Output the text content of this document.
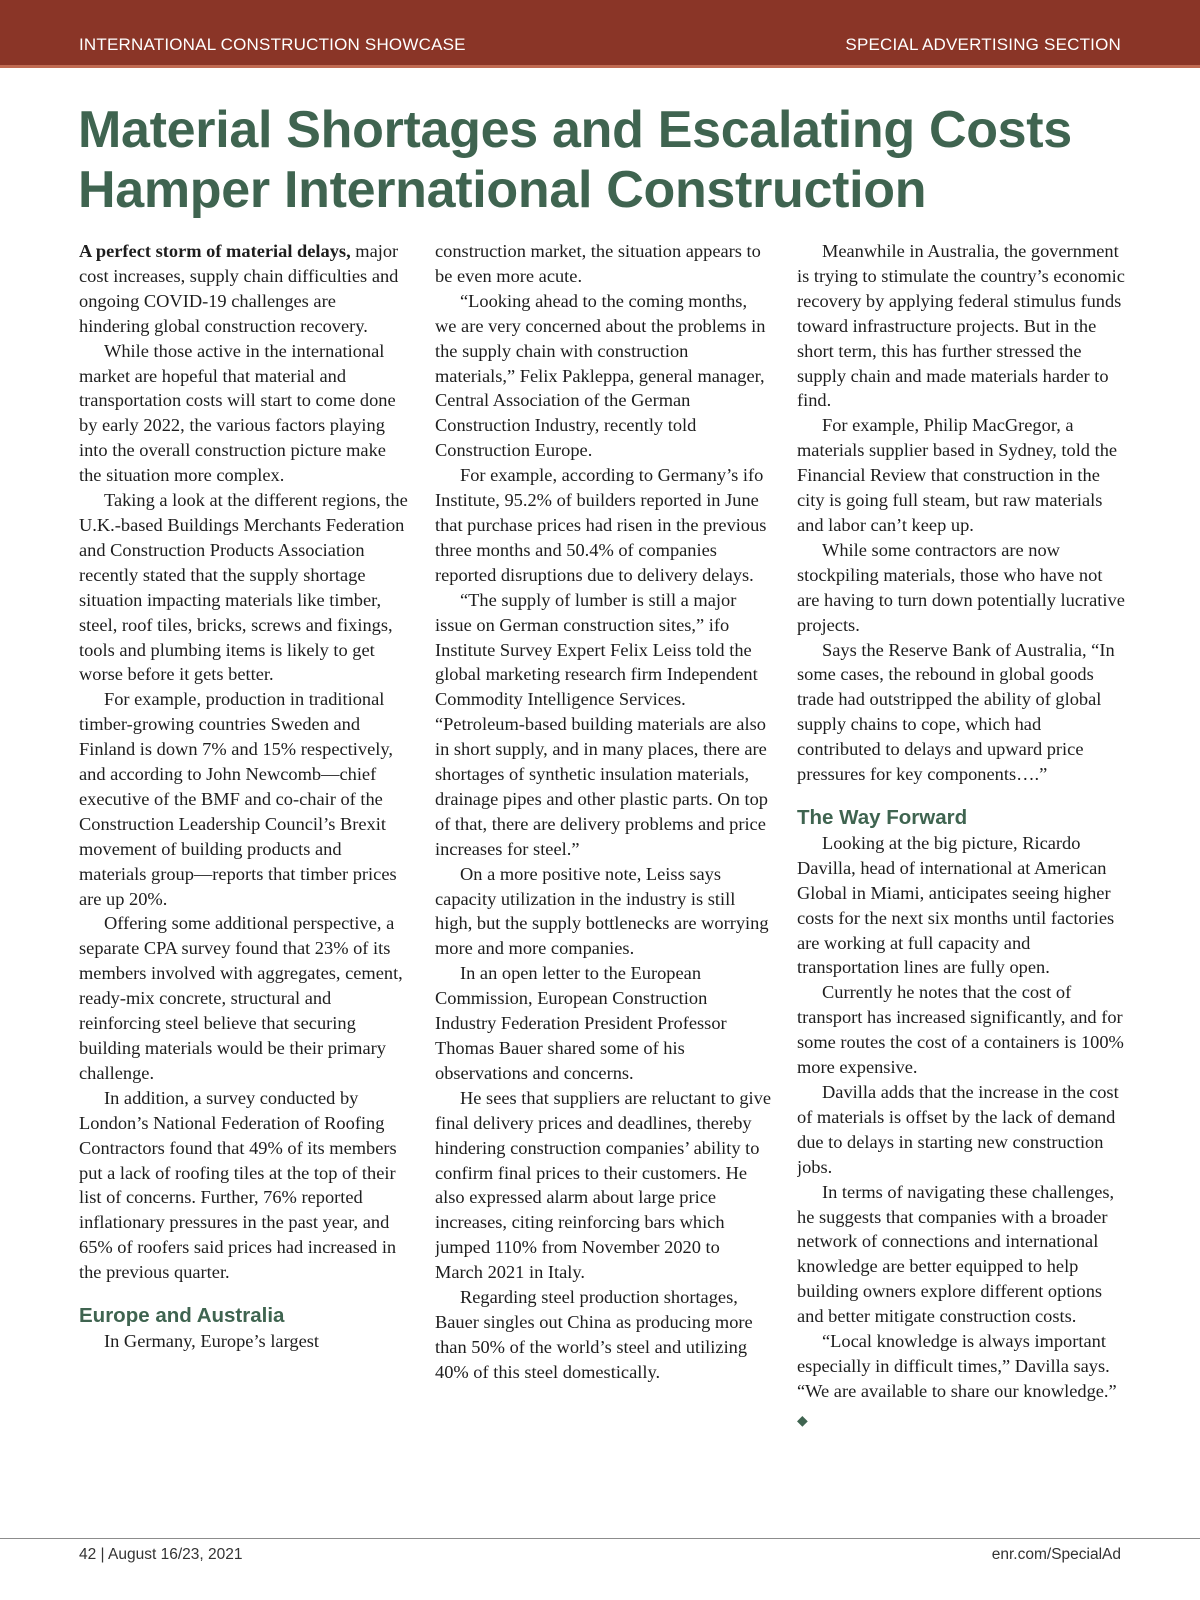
INTERNATIONAL CONSTRUCTION SHOWCASE	SPECIAL ADVERTISING SECTION
Material Shortages and Escalating Costs Hamper International Construction

A perfect storm of material delays, major cost increases, supply chain difficulties and ongoing COVID-19 challenges are hindering global construction recovery.

While those active in the international market are hopeful that material and transportation costs will start to come done by early 2022, the various factors playing into the overall construction picture make the situation more complex.

Taking a look at the different regions, the U.K.-based Buildings Merchants Federation and Construction Products Association recently stated that the supply shortage situation impacting materials like timber, steel, roof tiles, bricks, screws and fixings, tools and plumbing items is likely to get worse before it gets better.

For example, production in traditional timber-growing countries Sweden and Finland is down 7% and 15% respectively, and according to John Newcomb—chief executive of the BMF and co-chair of the Construction Leadership Council’s Brexit movement of building products and materials group—reports that timber prices are up 20%.

Offering some additional perspective, a separate CPA survey found that 23% of its members involved with aggregates, cement, ready-mix concrete, structural and reinforcing steel believe that securing building materials would be their primary challenge.

In addition, a survey conducted by London’s National Federation of Roofing Contractors found that 49% of its members put a lack of roofing tiles at the top of their list of concerns. Further, 76% reported inflationary pressures in the past year, and 65% of roofers said prices had increased in the previous quarter.

Europe and Australia

In Germany, Europe’s largest

construction market, the situation appears to be even more acute.

“Looking ahead to the coming months, we are very concerned about the problems in the supply chain with construction materials,” Felix Pakleppa, general manager, Central Association of the German Construction Industry, recently told Construction Europe.

For example, according to Germany’s ifo Institute, 95.2% of builders reported in June that purchase prices had risen in the previous three months and 50.4% of companies reported disruptions due to delivery delays.

“The supply of lumber is still a major issue on German construction sites,” ifo Institute Survey Expert Felix Leiss told the global marketing research firm Independent Commodity Intelligence Services. “Petroleum-based building materials are also in short supply, and in many places, there are shortages of synthetic insulation materials, drainage pipes and other plastic parts. On top of that, there are delivery problems and price increases for steel.”

On a more positive note, Leiss says capacity utilization in the industry is still high, but the supply bottlenecks are worrying more and more companies.

In an open letter to the European Commission, European Construction Industry Federation President Professor Thomas Bauer shared some of his observations and concerns.

He sees that suppliers are reluctant to give final delivery prices and deadlines, thereby hindering construction companies’ ability to confirm final prices to their customers. He also expressed alarm about large price increases, citing reinforcing bars which jumped 110% from November 2020 to March 2021 in Italy.

Regarding steel production shortages, Bauer singles out China as producing more than 50% of the world’s steel and utilizing 40% of this steel domestically.

Meanwhile in Australia, the government is trying to stimulate the country’s economic recovery by applying federal stimulus funds toward infrastructure projects. But in the short term, this has further stressed the supply chain and made materials harder to find.

For example, Philip MacGregor, a materials supplier based in Sydney, told the Financial Review that construction in the city is going full steam, but raw materials and labor can’t keep up.

While some contractors are now stockpiling materials, those who have not are having to turn down potentially lucrative projects.

Says the Reserve Bank of Australia, “In some cases, the rebound in global goods trade had outstripped the ability of global supply chains to cope, which had contributed to delays and upward price pressures for key components….”

The Way Forward

Looking at the big picture, Ricardo Davilla, head of international at American Global in Miami, anticipates seeing higher costs for the next six months until factories are working at full capacity and transportation lines are fully open.

Currently he notes that the cost of transport has increased significantly, and for some routes the cost of a containers is 100% more expensive.

Davilla adds that the increase in the cost of materials is offset by the lack of demand due to delays in starting new construction jobs.

In terms of navigating these challenges, he suggests that companies with a broader network of connections and international knowledge are better equipped to help building owners explore different options and better mitigate construction costs.

“Local knowledge is always important especially in difficult times,” Davilla says. “We are available to share our knowledge.” ◆

42 | August 16/23, 2021	enr.com/SpecialAd
